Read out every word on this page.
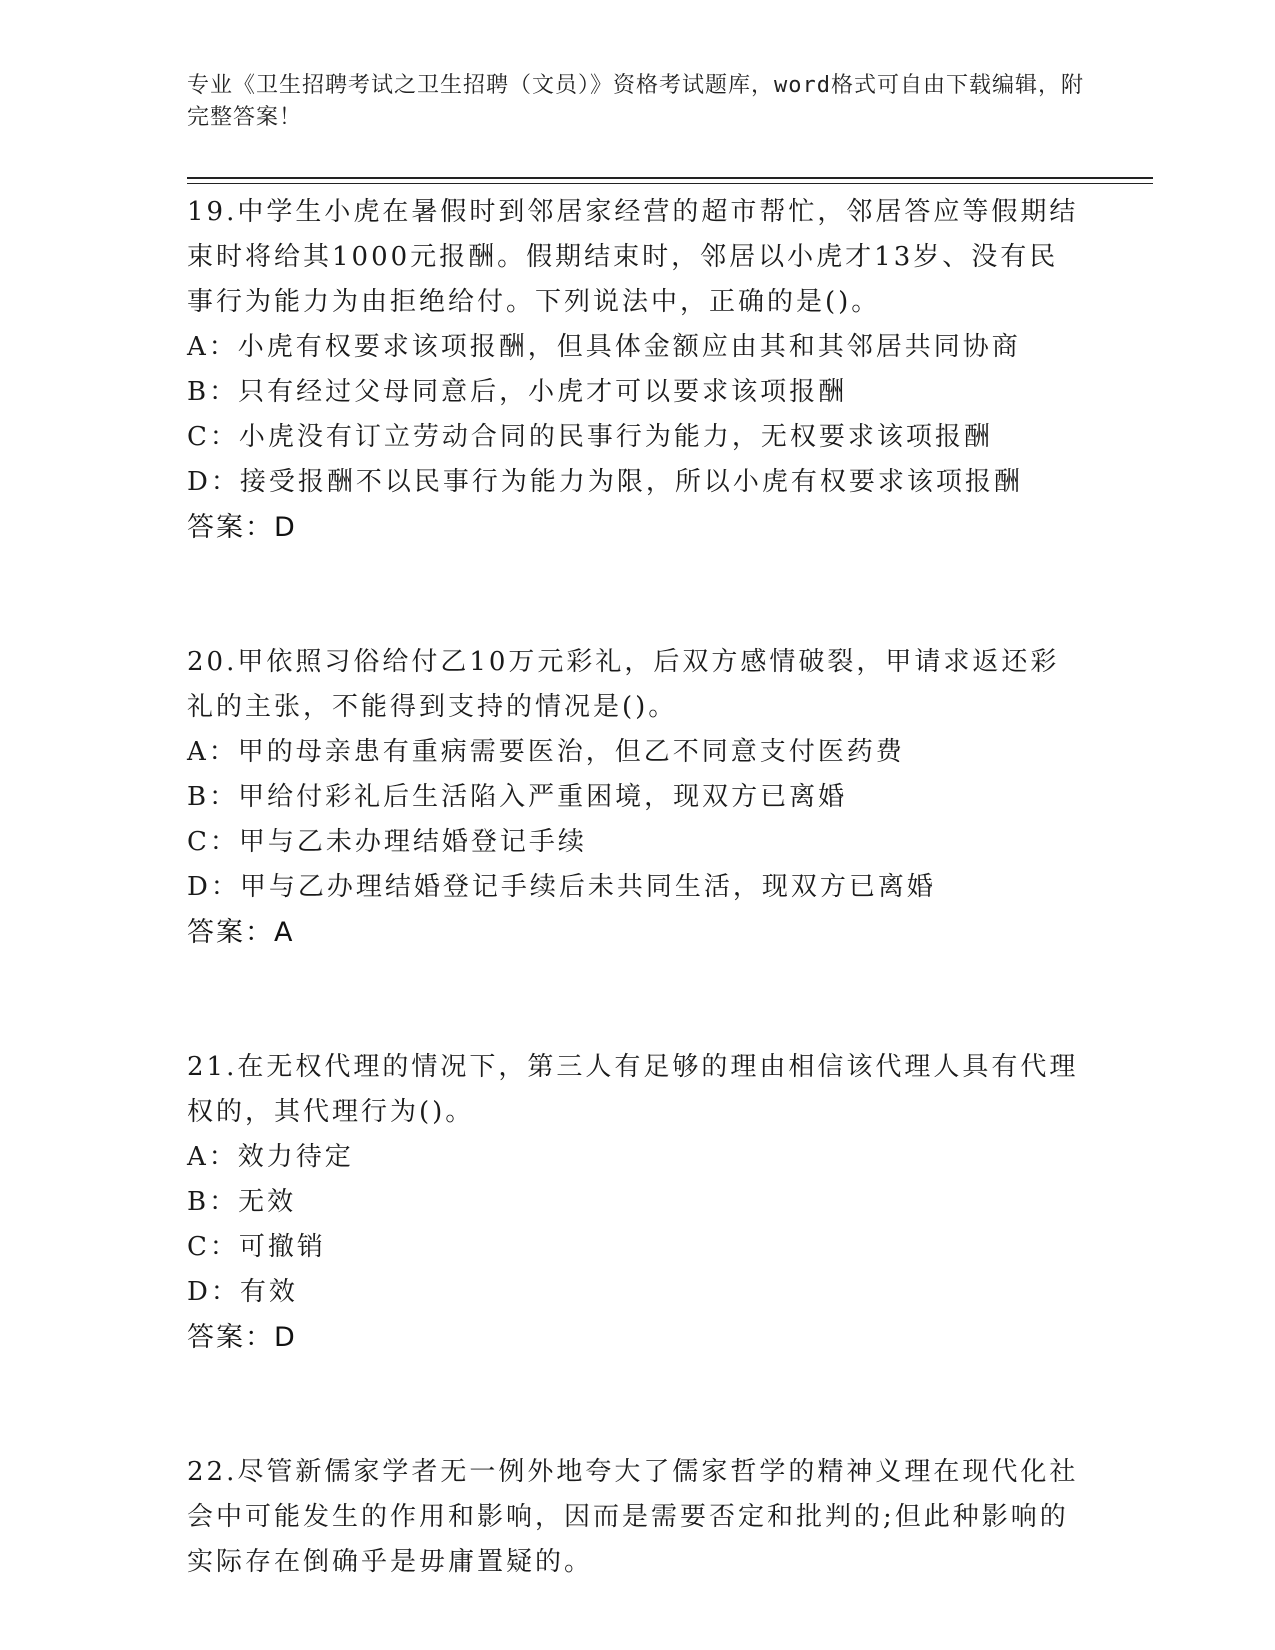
专业《卫生招聘考试之卫生招聘（文员）》资格考试题库，word格式可自由下载编辑，附完整答案！
19.中学生小虎在暑假时到邻居家经营的超市帮忙，邻居答应等假期结束时将给其1000元报酬。假期结束时，邻居以小虎才13岁、没有民事行为能力为由拒绝给付。下列说法中，正确的是()。
A：小虎有权要求该项报酬，但具体金额应由其和其邻居共同协商
B：只有经过父母同意后，小虎才可以要求该项报酬
C：小虎没有订立劳动合同的民事行为能力，无权要求该项报酬
D：接受报酬不以民事行为能力为限，所以小虎有权要求该项报酬
答案：D
20.甲依照习俗给付乙10万元彩礼，后双方感情破裂，甲请求返还彩礼的主张，不能得到支持的情况是()。
A：甲的母亲患有重病需要医治，但乙不同意支付医药费
B：甲给付彩礼后生活陷入严重困境，现双方已离婚
C：甲与乙未办理结婚登记手续
D：甲与乙办理结婚登记手续后未共同生活，现双方已离婚
答案：A
21.在无权代理的情况下，第三人有足够的理由相信该代理人具有代理权的，其代理行为()。
A：效力待定
B：无效
C：可撤销
D：有效
答案：D
22.尽管新儒家学者无一例外地夸大了儒家哲学的精神义理在现代化社会中可能发生的作用和影响，因而是需要否定和批判的;但此种影响的实际存在倒确乎是毋庸置疑的。
